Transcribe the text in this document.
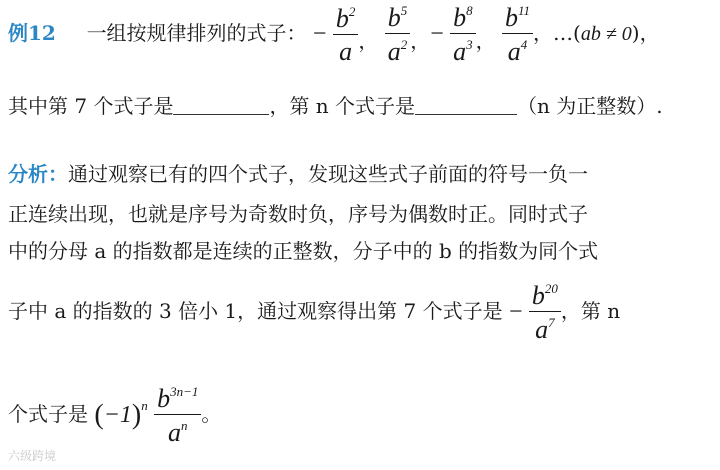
例12 一组按规律排列的式子： − $\frac{b^2}{a}$ ， $\frac{b^5}{a^2}$ ，− $\frac{b^8}{a^3}$ ， $\frac{b^{11}}{a^4}$ ，…(ab ≠ 0)，
其中第 7 个式子是	，第 n 个式子是	（n 为正整数）.
分析：通过观察已有的四个式子，发现这些式子前面的符号一负一
正连续出现，也就是序号为奇数时负，序号为偶数时正。同时式子
中的分母 a 的指数都是连续的正整数，分子中的 b 的指数为同个式
子中 a 的指数的 3 倍小 1，通过观察得出第 7 个式子是 − $\frac{b^{20}}{a^7}$ ，第 n
个式子是 $(-1)^n \frac{b^{3n-1}}{a^n}$ 。
六级跨境
